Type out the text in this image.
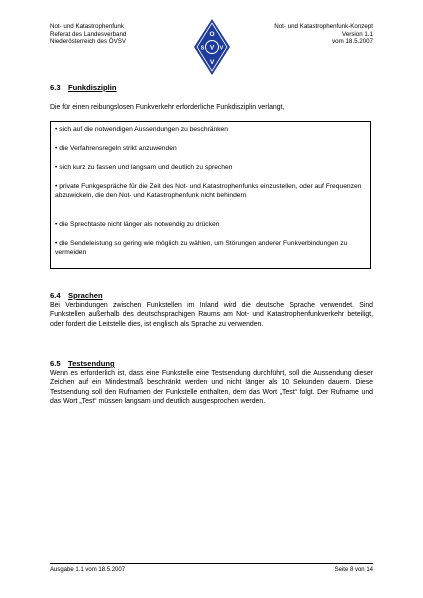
Not- und Katastrophenfunk
Referat des Landesverband
Niederösterreich des ÖVSV
O
V
S	V
V
Not- und Katastrophenfunk-Konzept
Version 1.1
vom 18.5.2007
6.3 Funkdisziplin
Die für einen reibungslosen Funkverkehr erforderliche Funkdisziplin verlangt,
• sich auf die notwendigen Aussendungen zu beschränken
• die Verfahrensregeln strikt anzuwenden
• sich kurz zu fassen und langsam und deutlich zu sprechen
• private Funkgespräche für die Zeit des Not- und Katastrophenfunks einzustellen, oder auf Frequenzen abzuwickeln, die den Not- und Katastrophenfunk nicht behindern
• die Sprechtaste nicht länger als notwendig zu drücken
• die Sendeleistung so gering wie möglich zu wählen, um Störungen anderer Funkverbindungen zu vermeiden
6.4 Sprachen
Bei Verbindungen zwischen Funkstellen im Inland wird die deutsche Sprache verwendet. Sind Funkstellen außerhalb des deutschsprachigen Raums am Not- und Katastrophenfunkverkehr beteiligt, oder fordert die Leitstelle dies, ist englisch als Sprache zu verwenden.
6.5 Testsendung
Wenn es erforderlich ist, dass eine Funkstelle eine Testsendung durchführt, soll die Aussendung dieser Zeichen auf ein Mindestmaß beschränkt werden und nicht länger als 10 Sekunden dauern. Diese Testsendung soll den Rufnamen der Funkstelle enthalten, dem das Wort „Test“ folgt. Der Rufname und das Wort „Test“ müssen langsam und deutlich ausgesprochen werden.
Ausgabe 1.1 vom 18.5.2007	Seite 8 von 14
